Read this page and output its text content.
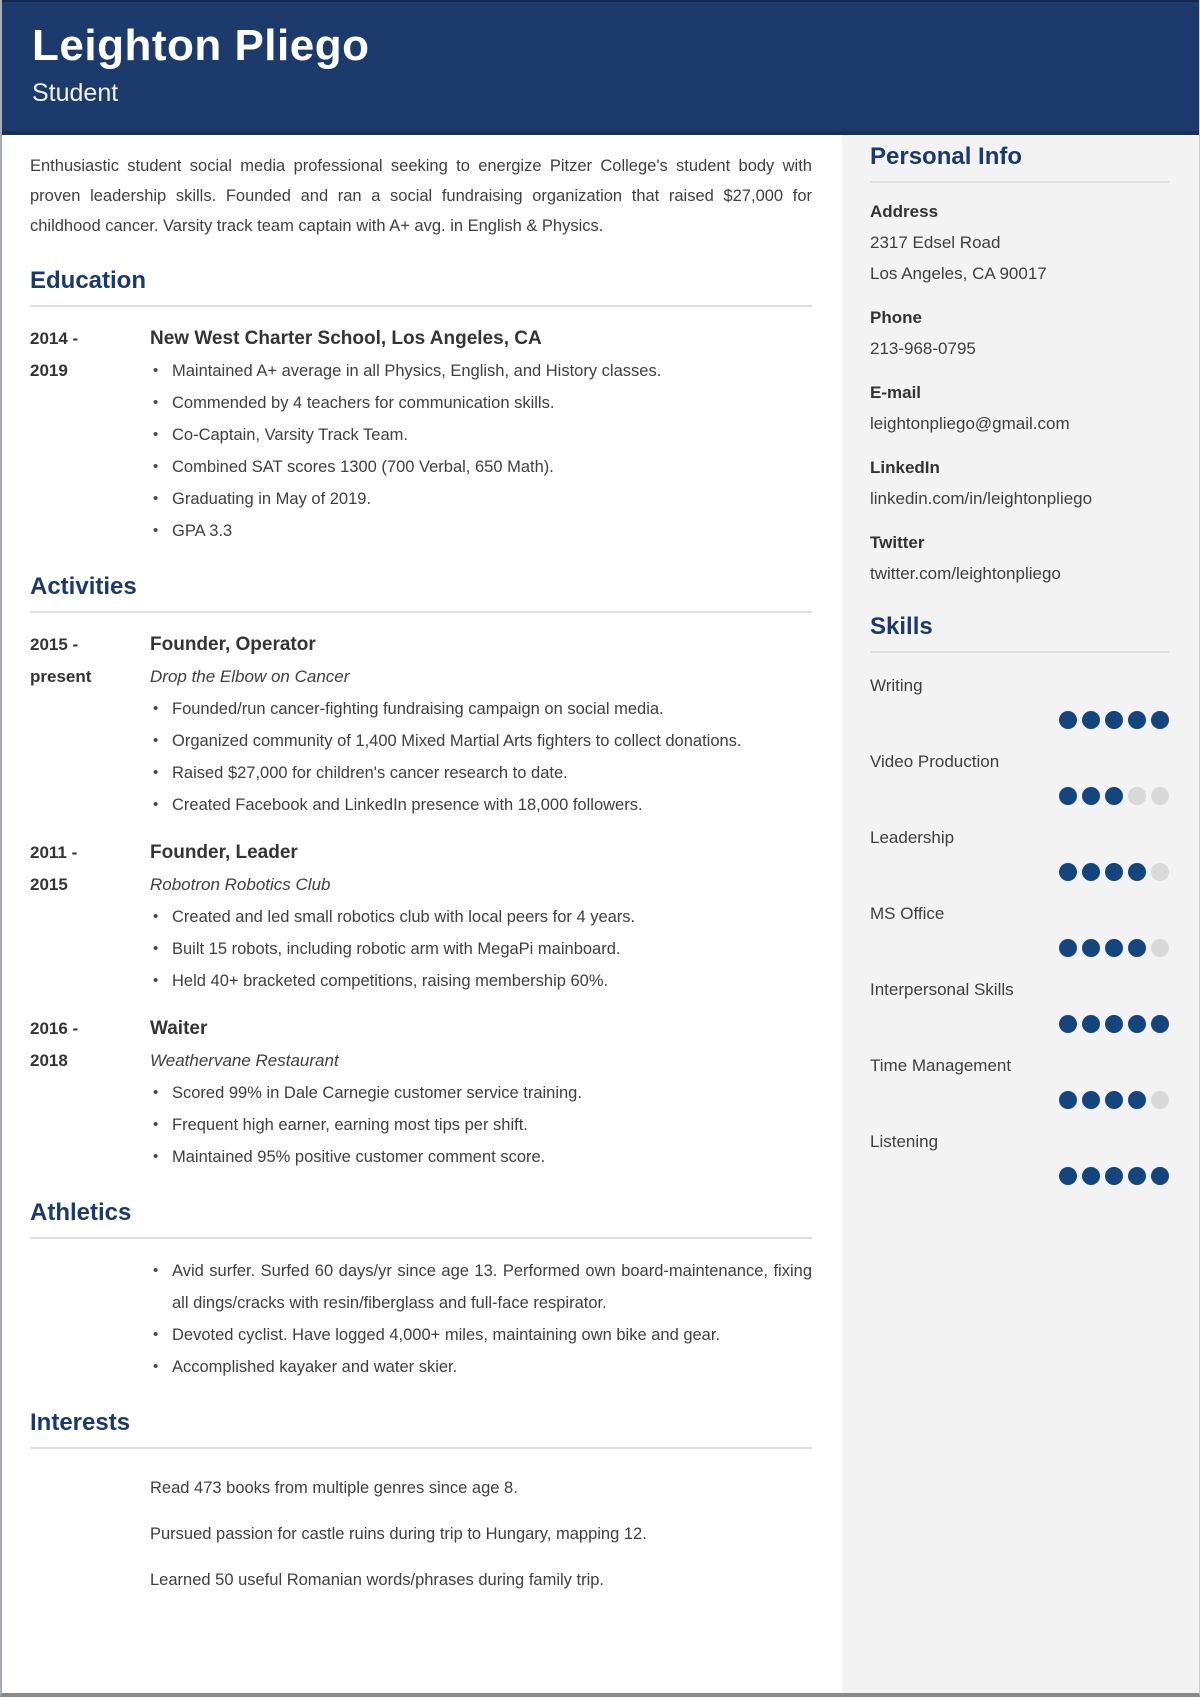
Leighton Pliego
Student

Enthusiastic student social media professional seeking to energize Pitzer College's student body with proven leadership skills. Founded and ran a social fundraising organization that raised $27,000 for childhood cancer. Varsity track team captain with A+ avg. in English & Physics.

Education
2014 -
2019
New West Charter School, Los Angeles, CA
• Maintained A+ average in all Physics, English, and History classes.
• Commended by 4 teachers for communication skills.
• Co-Captain, Varsity Track Team.
• Combined SAT scores 1300 (700 Verbal, 650 Math).
• Graduating in May of 2019.
• GPA 3.3
Activities
2015 -
present
Founder, Operator
Drop the Elbow on Cancer
• Founded/run cancer-fighting fundraising campaign on social media.
• Organized community of 1,400 Mixed Martial Arts fighters to collect donations.
• Raised $27,000 for children's cancer research to date.
• Created Facebook and LinkedIn presence with 18,000 followers.
2011 -
2015
Founder, Leader
Robotron Robotics Club
• Created and led small robotics club with local peers for 4 years.
• Built 15 robots, including robotic arm with MegaPi mainboard.
• Held 40+ bracketed competitions, raising membership 60%.
2016 -
2018
Waiter
Weathervane Restaurant
• Scored 99% in Dale Carnegie customer service training.
• Frequent high earner, earning most tips per shift.
• Maintained 95% positive customer comment score.
Athletics
• Avid surfer. Surfed 60 days/yr since age 13. Performed own board-maintenance, fixing all dings/cracks with resin/fiberglass and full-face respirator.
• Devoted cyclist. Have logged 4,000+ miles, maintaining own bike and gear.
• Accomplished kayaker and water skier.
Interests

Read 473 books from multiple genres since age 8.

Pursued passion for castle ruins during trip to Hungary, mapping 12.

Learned 50 useful Romanian words/phrases during family trip.

Personal Info
Address
2317 Edsel Road
Los Angeles, CA 90017
Phone
213-968-0795
E-mail
leightonpliego@gmail.com
LinkedIn
linkedin.com/in/leightonpliego
Twitter
twitter.com/leightonpliego
Skills
Writing
Video Production
Leadership
MS Office
Interpersonal Skills
Time Management
Listening
